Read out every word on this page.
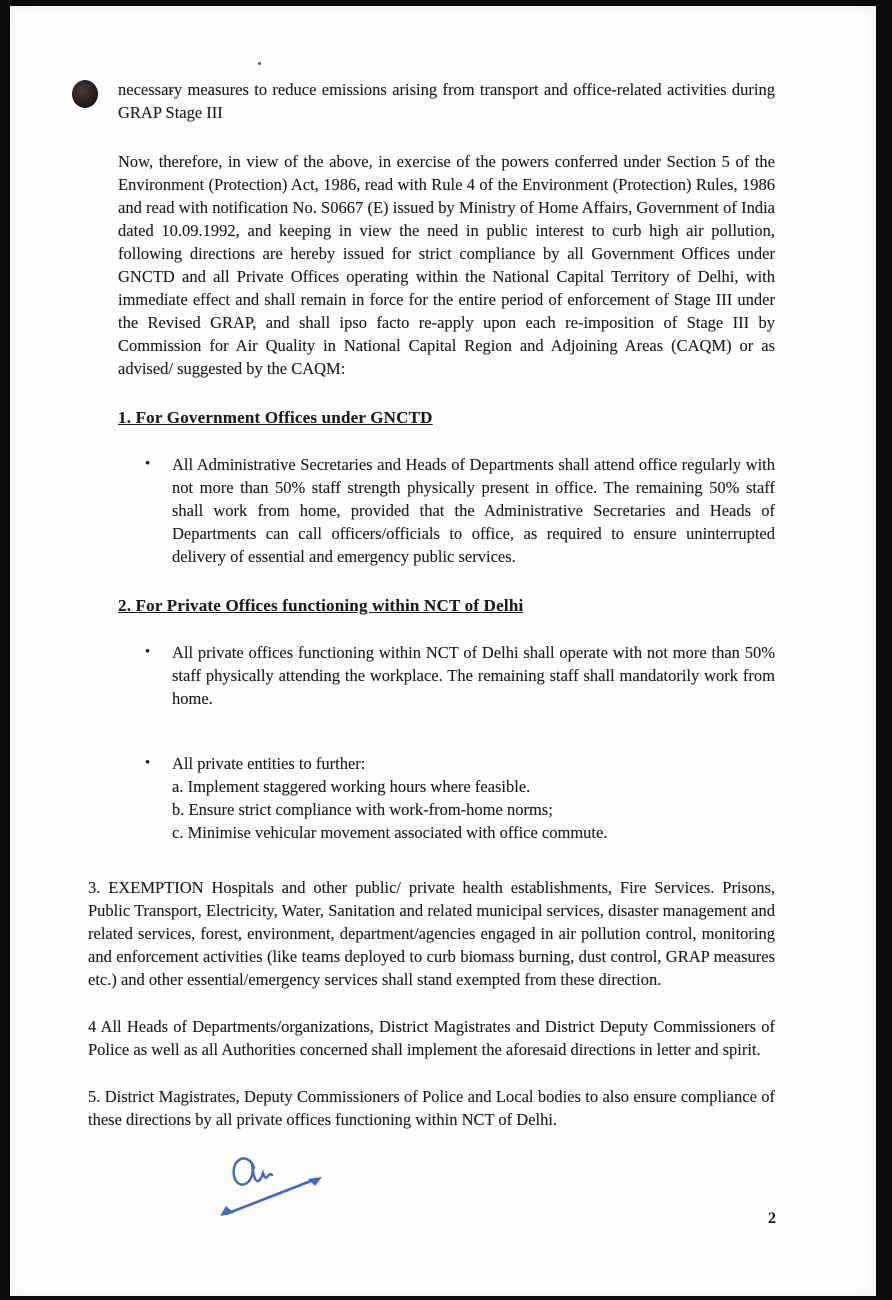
necessary measures to reduce emissions arising from transport and office-related activities during GRAP Stage III

Now, therefore, in view of the above, in exercise of the powers conferred under Section 5 of the Environment (Protection) Act, 1986, read with Rule 4 of the Environment (Protection) Rules, 1986 and read with notification No. S0667 (E) issued by Ministry of Home Affairs, Government of India dated 10.09.1992, and keeping in view the need in public interest to curb high air pollution, following directions are hereby issued for strict compliance by all Government Offices under GNCTD and all Private Offices operating within the National Capital Territory of Delhi, with immediate effect and shall remain in force for the entire period of enforcement of Stage III under the Revised GRAP, and shall ipso facto re-apply upon each re-imposition of Stage III by Commission for Air Quality in National Capital Region and Adjoining Areas (CAQM) or as advised/ suggested by the CAQM:

1. For Government Offices under GNCTD
•	All Administrative Secretaries and Heads of Departments shall attend office regularly with not more than 50% staff strength physically present in office. The remaining 50% staff shall work from home, provided that the Administrative Secretaries and Heads of Departments can call officers/officials to office, as required to ensure uninterrupted delivery of essential and emergency public services.
2. For Private Offices functioning within NCT of Delhi
•	All private offices functioning within NCT of Delhi shall operate with not more than 50% staff physically attending the workplace. The remaining staff shall mandatorily work from home.
•	All private entities to further:
a. Implement staggered working hours where feasible.
b. Ensure strict compliance with work-from-home norms;
c. Minimise vehicular movement associated with office commute.

3. EXEMPTION Hospitals and other public/ private health establishments, Fire Services. Prisons, Public Transport, Electricity, Water, Sanitation and related municipal services, disaster management and related services, forest, environment, department/agencies engaged in air pollution control, monitoring and enforcement activities (like teams deployed to curb biomass burning, dust control, GRAP measures etc.) and other essential/emergency services shall stand exempted from these direction.

4 All Heads of Departments/organizations, District Magistrates and District Deputy Commissioners of Police as well as all Authorities concerned shall implement the aforesaid directions in letter and spirit.

5. District Magistrates, Deputy Commissioners of Police and Local bodies to also ensure compliance of these directions by all private offices functioning within NCT of Delhi.

2
